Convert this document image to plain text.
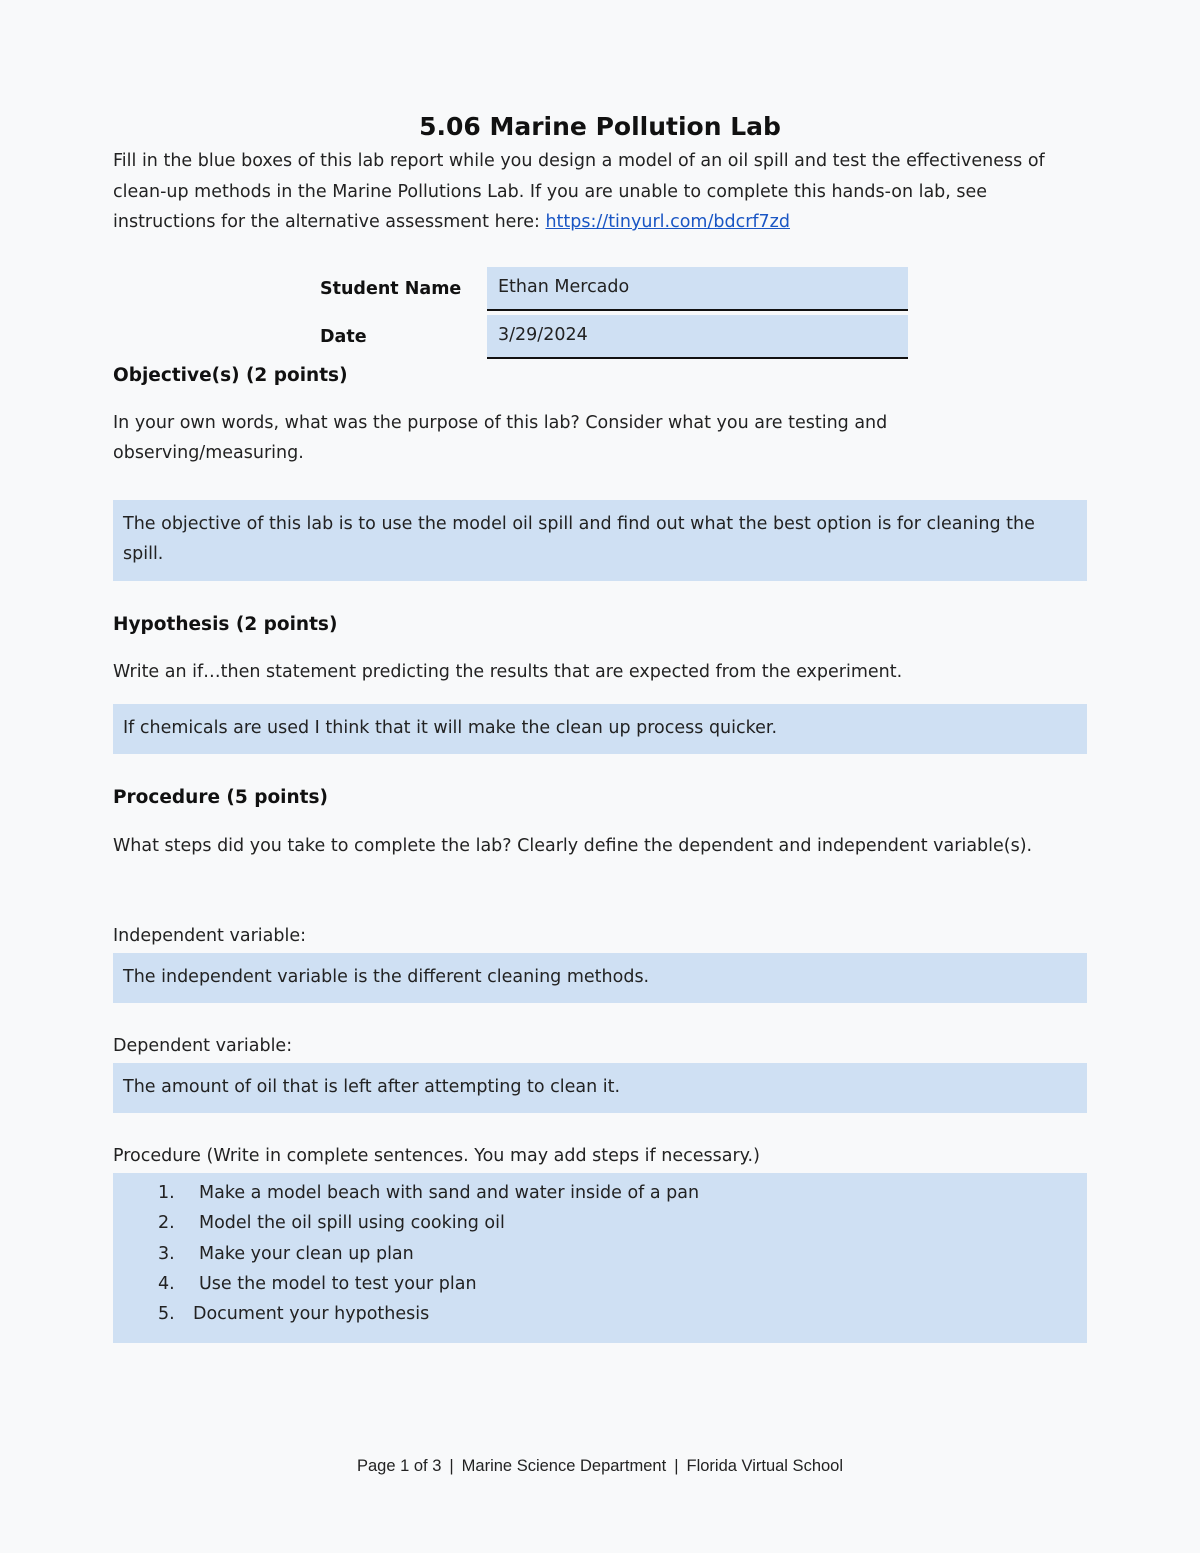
5.06 Marine Pollution Lab
Fill in the blue boxes of this lab report while you design a model of an oil spill and test the effectiveness of clean-up methods in the Marine Pollutions Lab. If you are unable to complete this hands-on lab, see instructions for the alternative assessment here: https://tinyurl.com/bdcrf7zd
Student Name	Ethan Mercado
Date	3/29/2024
Objective(s) (2 points)
In your own words, what was the purpose of this lab? Consider what you are testing and observing/measuring.
The objective of this lab is to use the model oil spill and find out what the best option is for cleaning the spill.
Hypothesis (2 points)
Write an if…then statement predicting the results that are expected from the experiment.
If chemicals are used I think that it will make the clean up process quicker.
Procedure (5 points)
What steps did you take to complete the lab? Clearly define the dependent and independent variable(s).
Independent variable:
The independent variable is the different cleaning methods.
Dependent variable:
The amount of oil that is left after attempting to clean it.
Procedure (Write in complete sentences. You may add steps if necessary.)
1. Make a model beach with sand and water inside of a pan
2. Model the oil spill using cooking oil
3. Make your clean up plan
4. Use the model to test your plan
5. Document your hypothesis
Page 1 of 3 | Marine Science Department | Florida Virtual School
